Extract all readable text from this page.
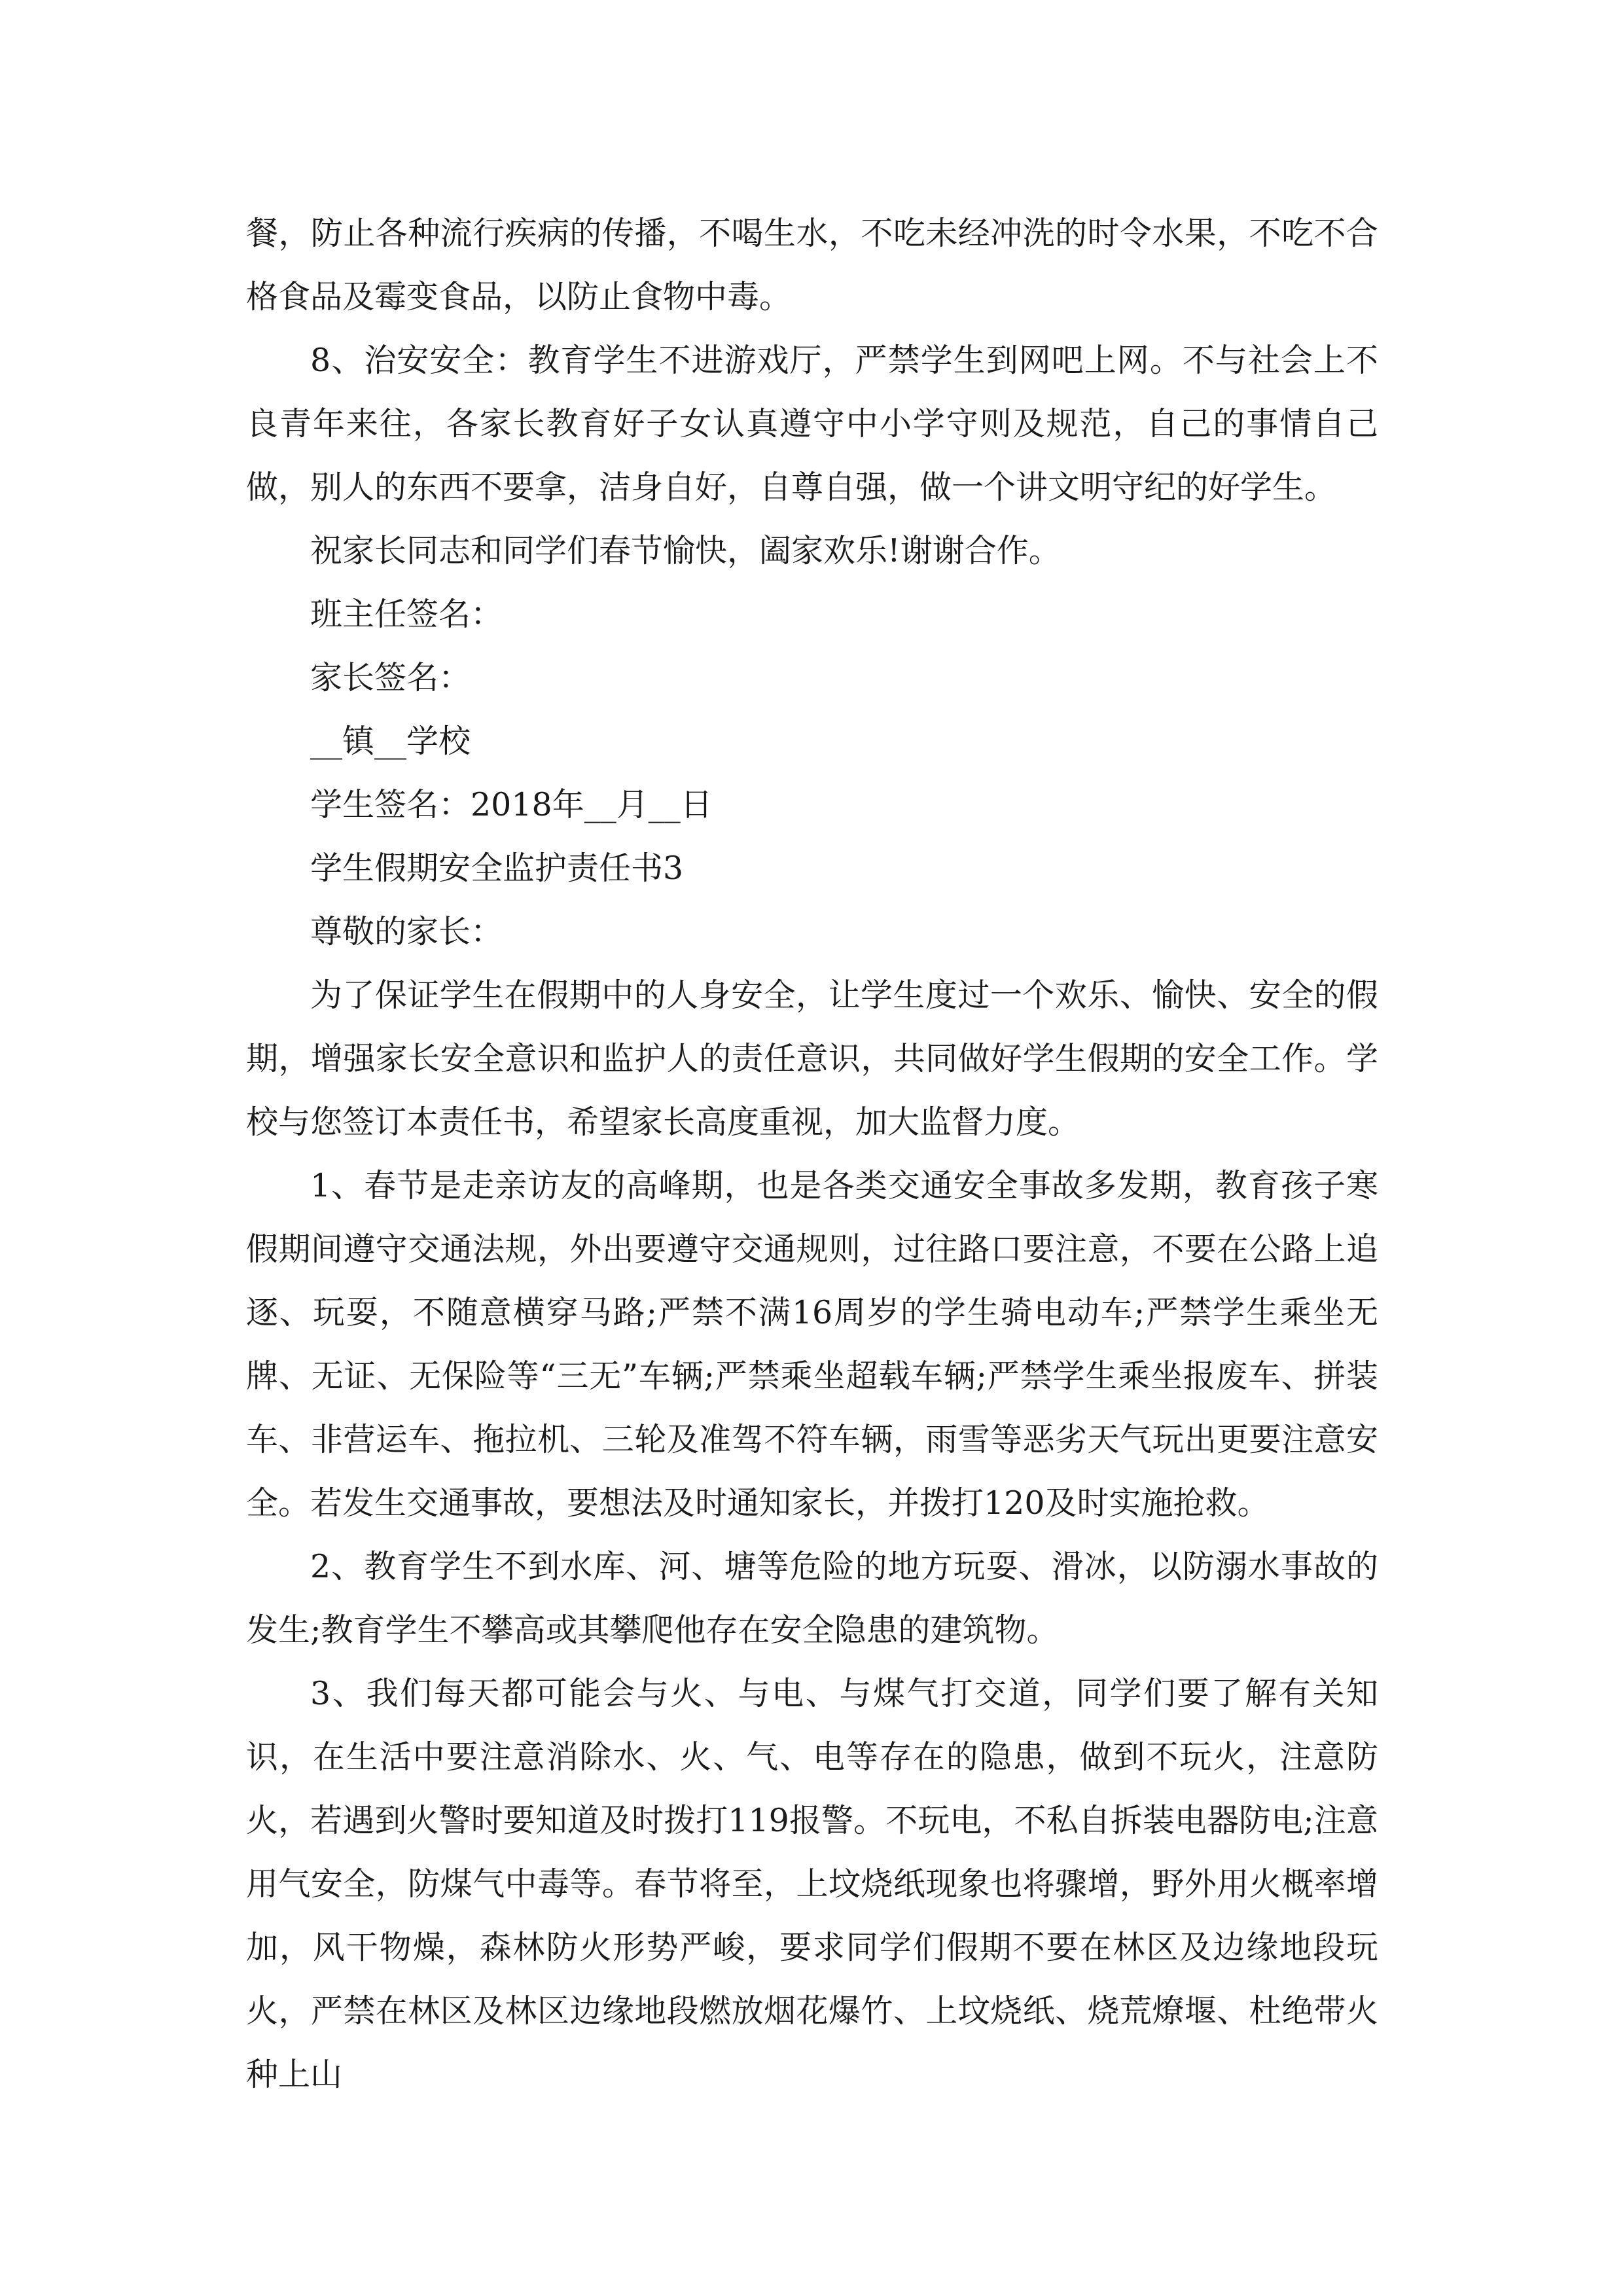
餐，防止各种流行疾病的传播，不喝生水，不吃未经冲洗的时令水果，不吃不合格食品及霉变食品，以防止食物中毒。

8、治安安全：教育学生不进游戏厅，严禁学生到网吧上网。不与社会上不良青年来往，各家长教育好子女认真遵守中小学守则及规范，自己的事情自己做，别人的东西不要拿，洁身自好，自尊自强，做一个讲文明守纪的好学生。

祝家长同志和同学们春节愉快，阖家欢乐!谢谢合作。

班主任签名：

家长签名：

__镇__学校

学生签名：2018年__月__日

学生假期安全监护责任书3

尊敬的家长：

为了保证学生在假期中的人身安全，让学生度过一个欢乐、愉快、安全的假期，增强家长安全意识和监护人的责任意识，共同做好学生假期的安全工作。学校与您签订本责任书，希望家长高度重视，加大监督力度。

1、春节是走亲访友的高峰期，也是各类交通安全事故多发期，教育孩子寒假期间遵守交通法规，外出要遵守交通规则，过往路口要注意，不要在公路上追逐、玩耍，不随意横穿马路;严禁不满16周岁的学生骑电动车;严禁学生乘坐无牌、无证、无保险等“三无”车辆;严禁乘坐超载车辆;严禁学生乘坐报废车、拼装车、非营运车、拖拉机、三轮及准驾不符车辆，雨雪等恶劣天气玩出更要注意安全。若发生交通事故，要想法及时通知家长，并拨打120及时实施抢救。

2、教育学生不到水库、河、塘等危险的地方玩耍、滑冰，以防溺水事故的发生;教育学生不攀高或其攀爬他存在安全隐患的建筑物。

3、我们每天都可能会与火、与电、与煤气打交道，同学们要了解有关知识，在生活中要注意消除水、火、气、电等存在的隐患，做到不玩火，注意防火，若遇到火警时要知道及时拨打119报警。不玩电，不私自拆装电器防电;注意用气安全，防煤气中毒等。春节将至，上坟烧纸现象也将骤增，野外用火概率增加，风干物燥，森林防火形势严峻，要求同学们假期不要在林区及边缘地段玩火，严禁在林区及林区边缘地段燃放烟花爆竹、上坟烧纸、烧荒燎堰、杜绝带火种上山
